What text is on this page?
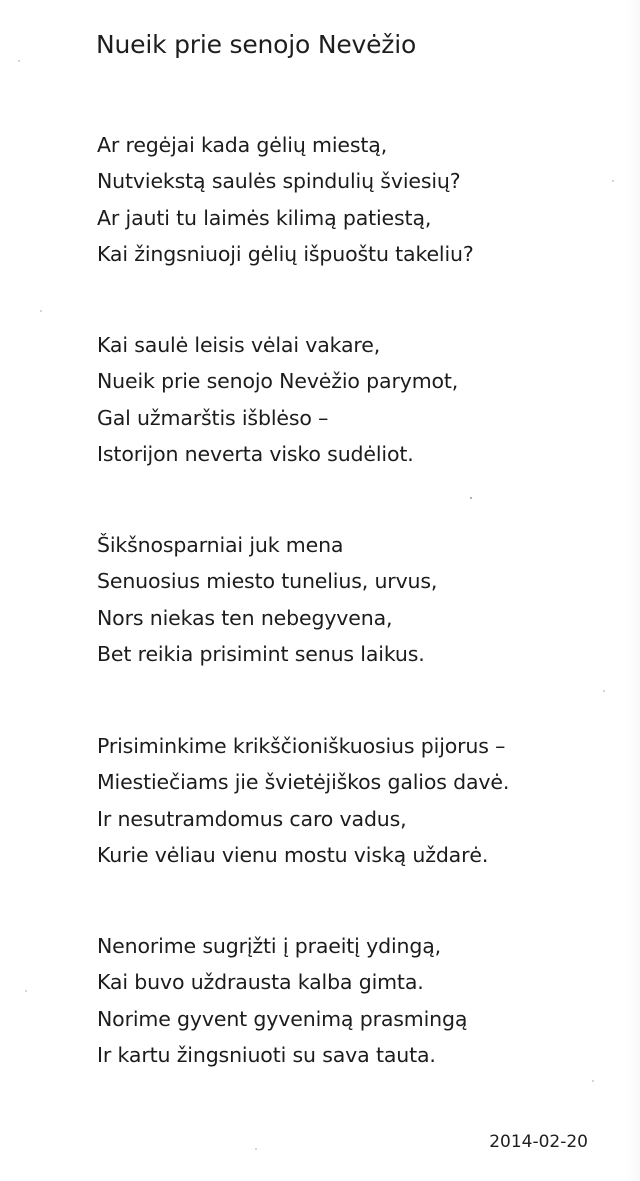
Nueik prie senojo Nevėžio
Ar regėjai kada gėlių miestą,
Nutviekstą saulės spindulių šviesių?
Ar jauti tu laimės kilimą patiestą,
Kai žingsniuoji gėlių išpuoštu takeliu?
Kai saulė leisis vėlai vakare,
Nueik prie senojo Nevėžio parymot,
Gal užmarštis išblėso –
Istorijon neverta visko sudėliot.
Šikšnosparniai juk mena
Senuosius miesto tunelius, urvus,
Nors niekas ten nebegyvena,
Bet reikia prisimint senus laikus.
Prisiminkime krikščioniškuosius pijorus –
Miestiečiams jie švietėjiškos galios davė.
Ir nesutramdomus caro vadus,
Kurie vėliau vienu mostu viską uždarė.
Nenorime sugrįžti į praeitį ydingą,
Kai buvo uždrausta kalba gimta.
Norime gyvent gyvenimą prasmingą
Ir kartu žingsniuoti su sava tauta.
2014-02-20
